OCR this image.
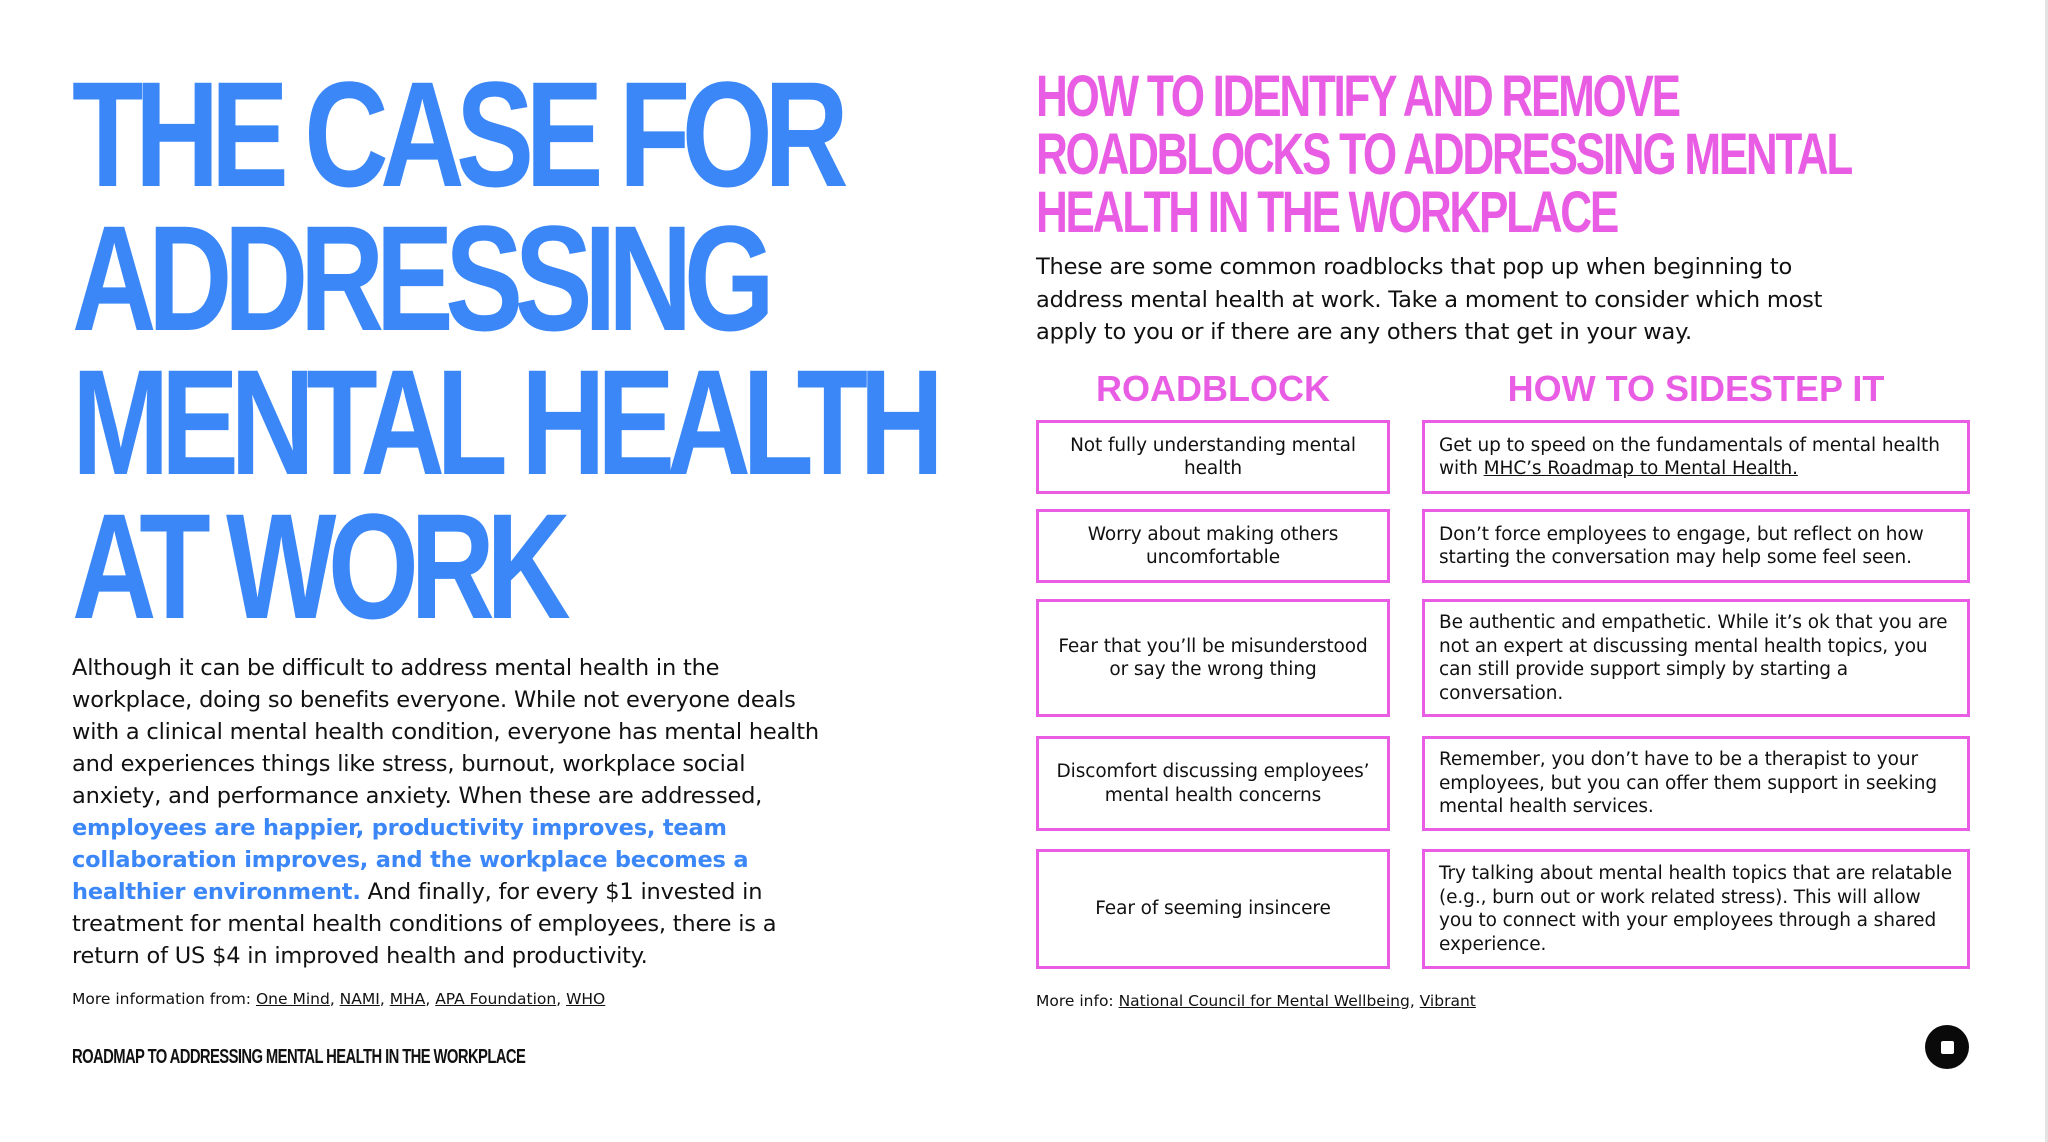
THE CASE FOR
ADDRESSING
MENTAL HEALTH
AT WORK

Although it can be difficult to address mental health in the workplace, doing so benefits everyone. While not everyone deals with a clinical mental health condition, everyone has mental health and experiences things like stress, burnout, workplace social anxiety, and performance anxiety. When these are addressed, employees are happier, productivity improves, team collaboration improves, and the workplace becomes a healthier environment. And finally, for every $1 invested in treatment for mental health conditions of employees, there is a return of US $4 in improved health and productivity.

More information from: One Mind, NAMI, MHA, APA Foundation, WHO
ROADMAP TO ADDRESSING MENTAL HEALTH IN THE WORKPLACE
HOW TO IDENTIFY AND REMOVE
ROADBLOCKS TO ADDRESSING MENTAL
HEALTH IN THE WORKPLACE

These are some common roadblocks that pop up when beginning to address mental health at work. Take a moment to consider which most apply to you or if there are any others that get in your way.

ROADBLOCK	HOW TO SIDESTEP IT
Not fully understanding mental health
Get up to speed on the fundamentals of mental health with MHC’s Roadmap to Mental Health.
Worry about making others uncomfortable
Don’t force employees to engage, but reflect on how starting the conversation may help some feel seen.
Fear that you’ll be misunderstood or say the wrong thing
Be authentic and empathetic. While it’s ok that you are not an expert at discussing mental health topics, you can still provide support simply by starting a conversation.
Discomfort discussing employees’ mental health concerns
Remember, you don’t have to be a therapist to your employees, but you can offer them support in seeking mental health services.
Fear of seeming insincere
Try talking about mental health topics that are relatable (e.g., burn out or work related stress). This will allow you to connect with your employees through a shared experience.
More info: National Council for Mental Wellbeing, Vibrant
